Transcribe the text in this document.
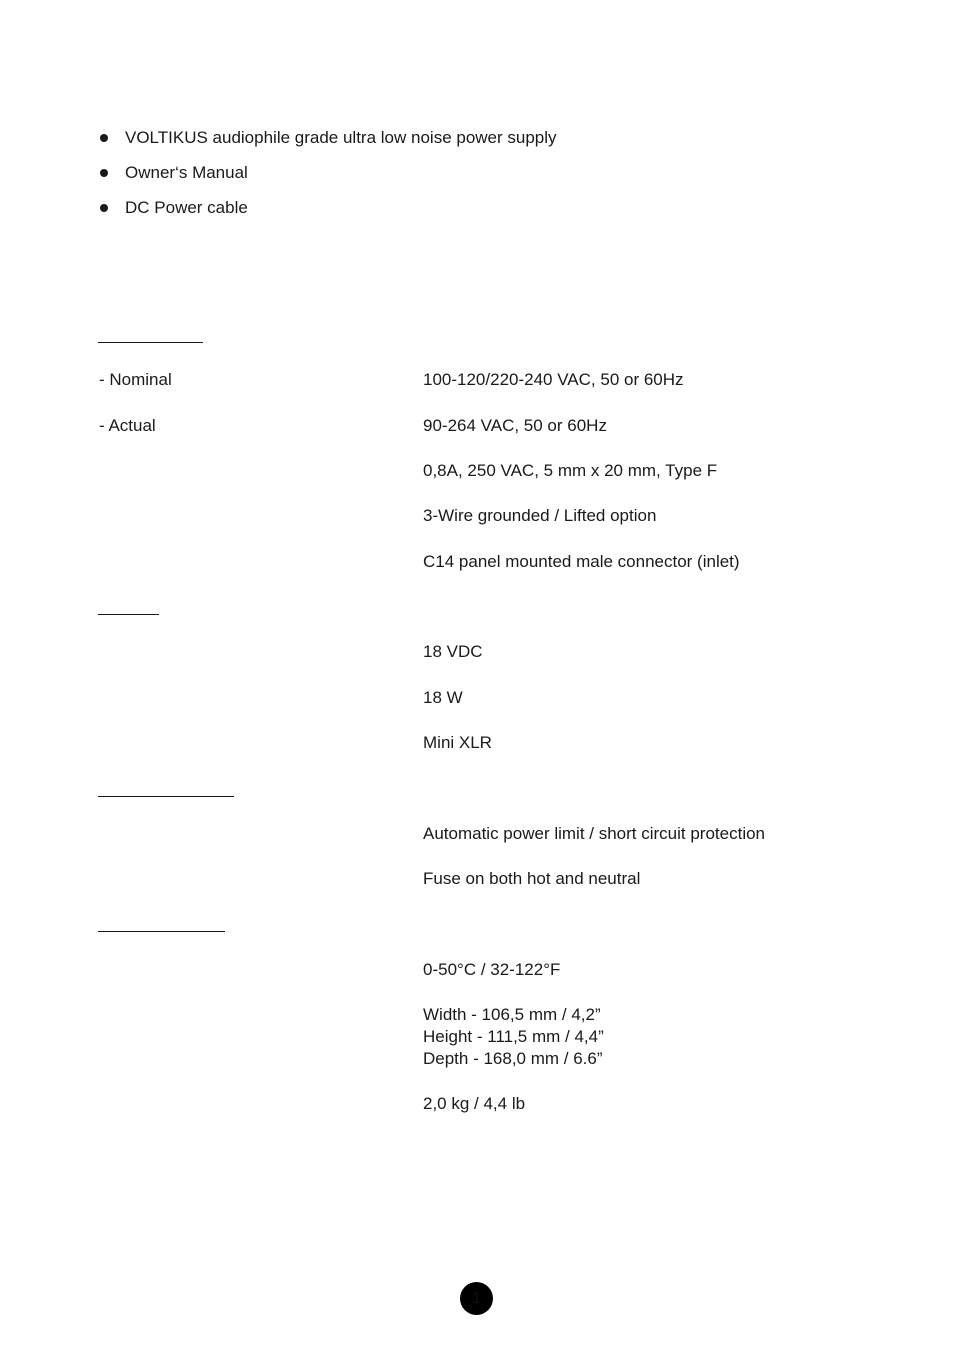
VOLTIKUS audiophile grade ultra low noise power supply
Owner‘s Manual
DC Power cable
- Nominal	100-120/220-240 VAC, 50 or 60Hz
- Actual	90-264 VAC, 50 or 60Hz
0,8A, 250 VAC, 5 mm x 20 mm, Type F
3-Wire grounded / Lifted option
C14 panel mounted male connector (inlet)
18 VDC
18 W
Mini XLR
Automatic power limit / short circuit protection
Fuse on both hot and neutral
0-50°C / 32-122°F
Width - 106,5 mm / 4,2”
Height - 111,5 mm / 4,4”
Depth - 168,0 mm / 6.6”
2,0 kg / 4,4 lb
1
